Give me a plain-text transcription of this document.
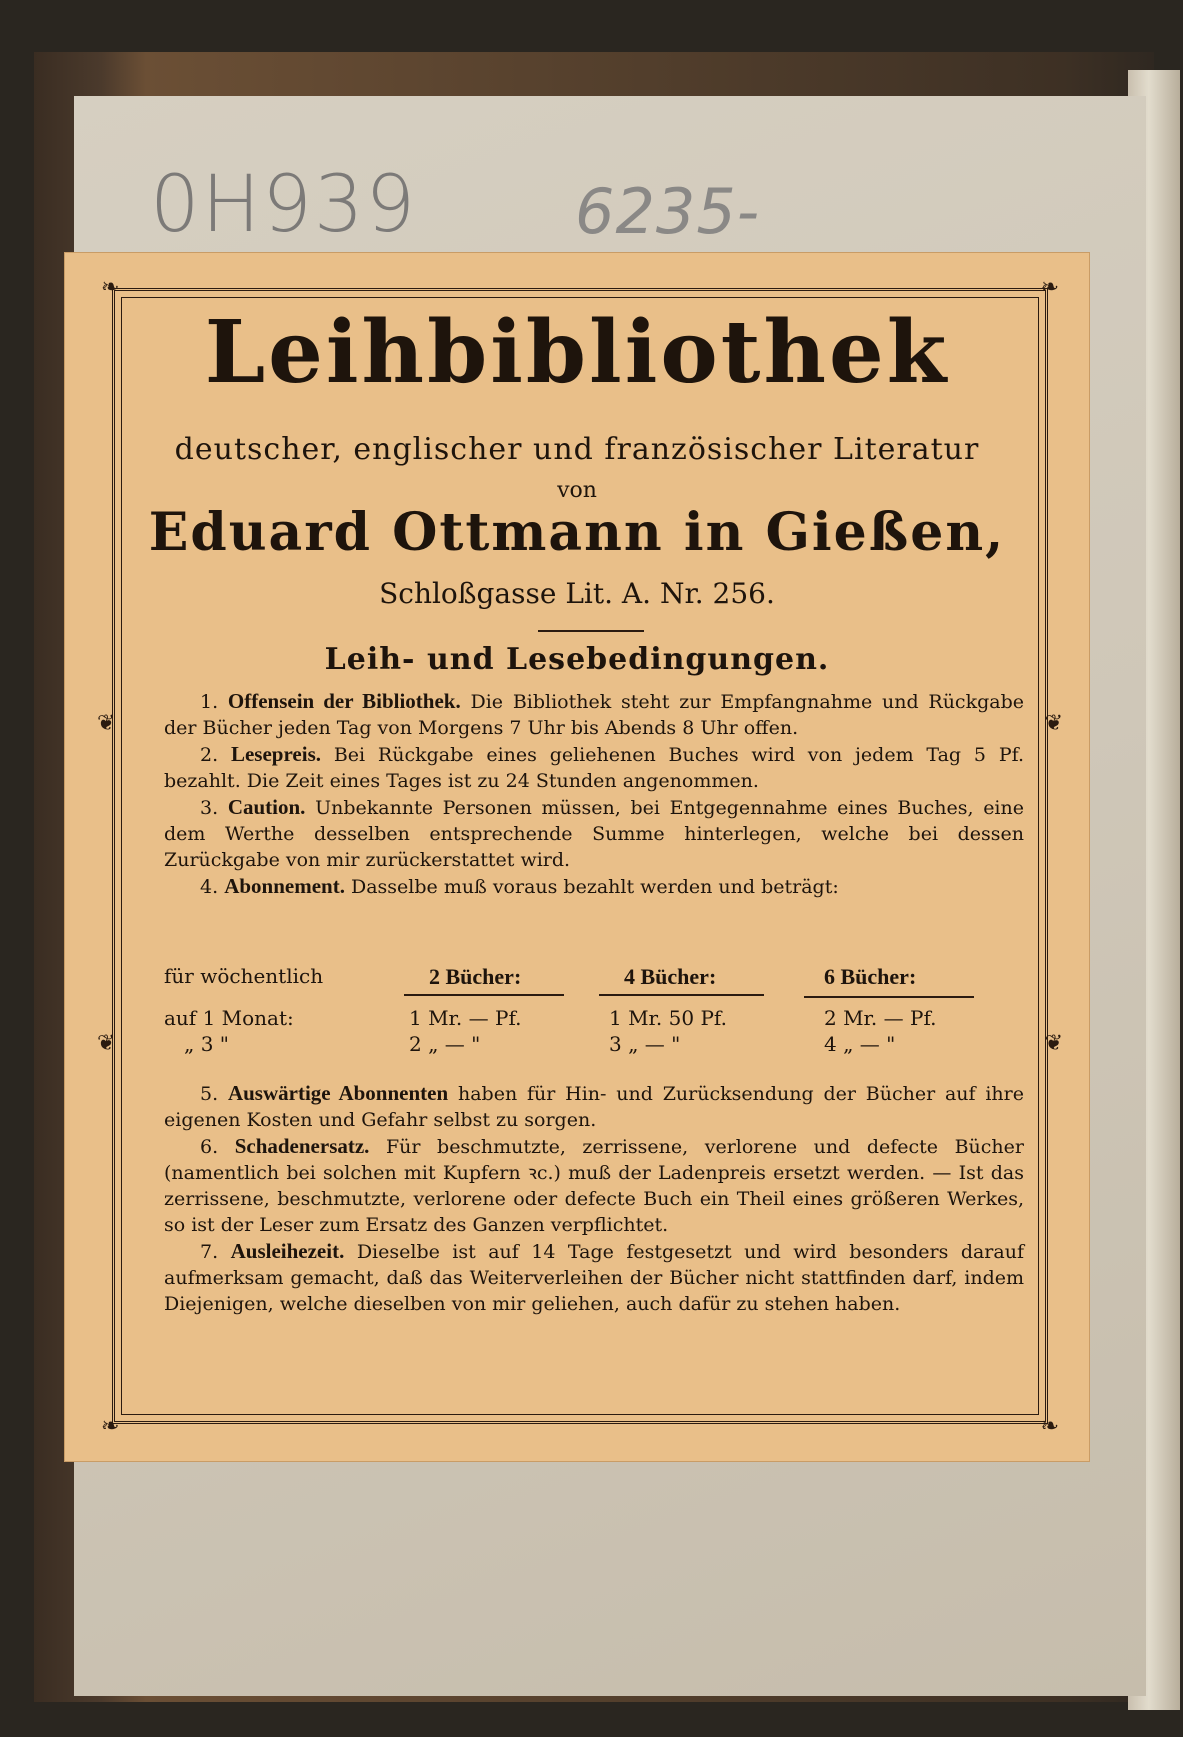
0H939	6235-
❧	❧
❧	❧
❦	❦
❦	❦
Leihbibliothek
deutscher, englischer und französischer Literatur
von
Eduard Ottmann in Gießen,
Schloßgasse Lit. A. Nr. 256.
Leih- und Lesebedingungen.

1. Offensein der Bibliothek. Die Bibliothek steht zur Empfangnahme und Rückgabe der Bücher jeden Tag von Morgens 7 Uhr bis Abends 8 Uhr offen.

2. Lesepreis. Bei Rückgabe eines geliehenen Buches wird von jedem Tag 5 Pf. bezahlt. Die Zeit eines Tages ist zu 24 Stunden angenommen.

3. Caution. Unbekannte Personen müssen, bei Entgegennahme eines Buches, eine dem Werthe desselben entsprechende Summe hinterlegen, welche bei dessen Zurückgabe von mir zurückerstattet wird.

4. Abonnement. Dasselbe muß voraus bezahlt werden und beträgt:

für wöchentlich	2 Bücher:	4 Bücher:	6 Bücher:
auf 1 Monat:	1 Mr. — Pf.	1 Mr. 50 Pf.	2 Mr. — Pf.
„ 3 "	2 „ — "	3 „ — "	4 „ — "

5. Auswärtige Abonnenten haben für Hin- und Zurücksendung der Bücher auf ihre eigenen Kosten und Gefahr selbst zu sorgen.

6. Schadenersatz. Für beschmutzte, zerrissene, verlorene und defecte Bücher (namentlich bei solchen mit Kupfern ꝛc.) muß der Ladenpreis ersetzt werden. — Ist das zerrissene, beschmutzte, verlorene oder defecte Buch ein Theil eines größeren Werkes, so ist der Leser zum Ersatz des Ganzen verpflichtet.

7. Ausleihezeit. Dieselbe ist auf 14 Tage festgesetzt und wird besonders darauf aufmerksam gemacht, daß das Weiterverleihen der Bücher nicht stattfinden darf, indem Diejenigen, welche dieselben von mir geliehen, auch dafür zu stehen haben.
